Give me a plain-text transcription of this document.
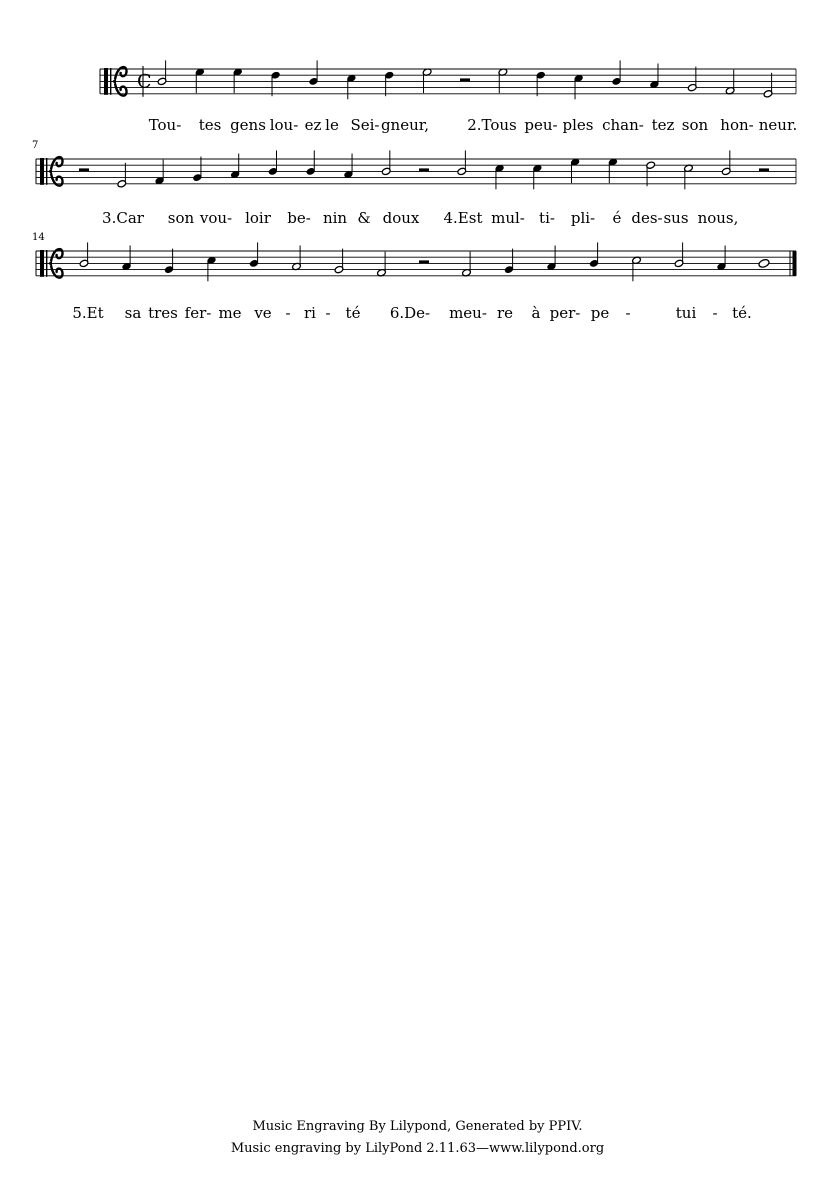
C
Tou- tes gens lou- ez le Sei- gneur,	2.Tous peu- ples chan- tez son hon- neur.
7
3.Car son vou- loir be- nin & doux 4.Est mul- ti- pli- é des- sus nous,
14
5.Et sa tres fer- me ve - ri - té 6.De- meu- re à per- pe -	tui - té.
Music Engraving By Lilypond, Generated by PPIV.
Music engraving by LilyPond 2.11.63—www.lilypond.org
